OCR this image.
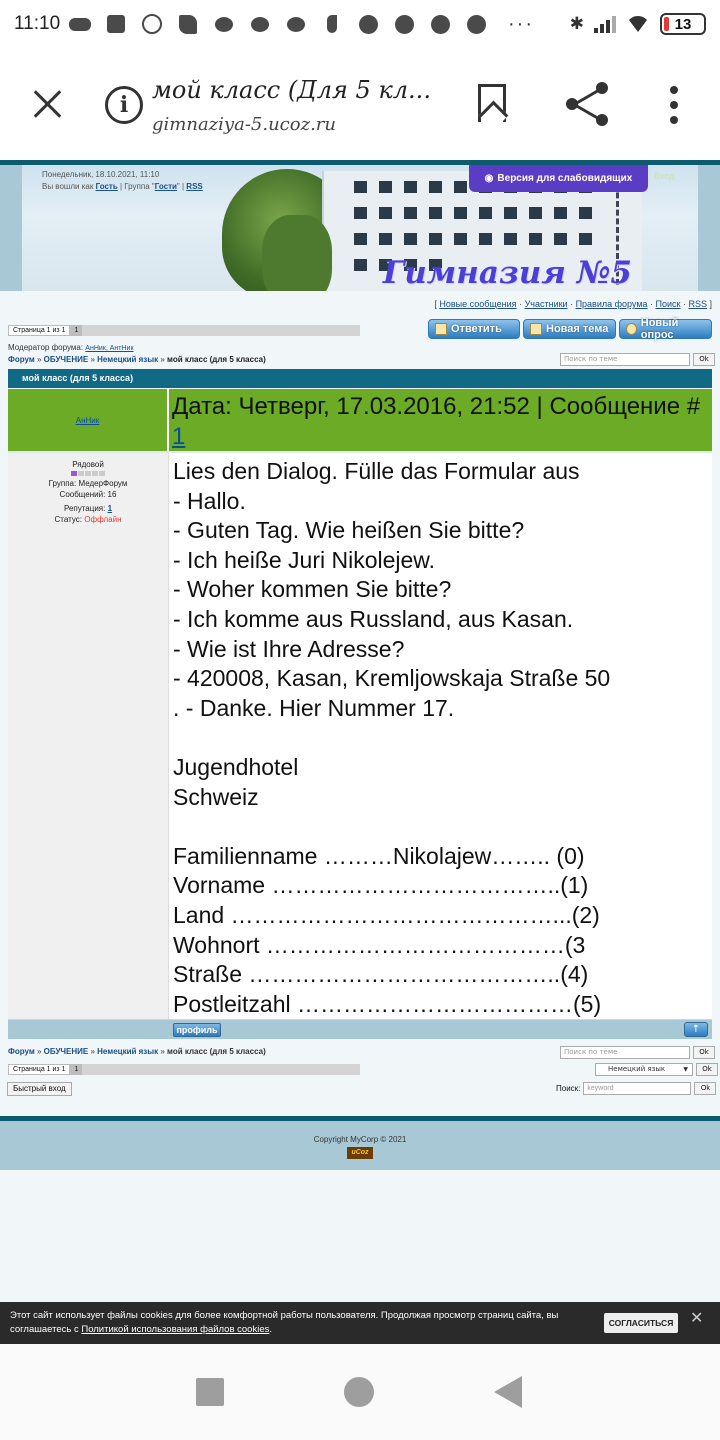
11:10	··· ✱	13
i
мой класс (Для 5 кл...
gimnaziya-5.ucoz.ru
Понедельник, 18.10.2021, 11:10
Вы вошли как Гость | Группа "Гости" | RSS
Гимназия №5
◉ Версия для слабовидящих Вход
[ Новые сообщения · Участники · Правила форума · Поиск · RSS ]
Страница 1 из 1	1	Ответить	Новая тема	Новый опрос
Модератор форума: АнНик, АнтНик
Форум » ОБУЧЕНИЕ » Немецкий язык » мой класс (для 5 класса)	Поиск по теме	Ok
мой класс (для 5 класса)
АнНик	Дата: Четверг, 17.03.2016, 21:52 | Сообщение # 1
Рядовой
Группа: МедерФорум
Сообщений: 16
Репутация: 1
Статус: Оффлайн
Lies den Dialog. Fülle das Formular aus
- Hallo.
- Guten Tag. Wie heißen Sie bitte?
- Ich heiße Juri Nikolejew.
- Woher kommen Sie bitte?
- Ich komme aus Russland, aus Kasan.
- Wie ist Ihre Adresse?
- 420008, Kasan, Kremljowskaja Straße 50
. - Danke. Hier Nummer 17.

Jugendhotel
Schweiz

Familienname ………Nikolajew…….. (0)
Vorname ………………………………..(1)
Land ……………………………………...(2)
Wohnort …………………………………(3
Straße …………………………………..(4)
Postleitzahl ………………………………(5)
профиль	↑
Форум » ОБУЧЕНИЕ » Немецкий язык » мой класс (для 5 класса)	Поиск по теме	Ok
Страница 1 из 1	1	Немецкий язык ▼	Ok
Быстрый вход	Поиск:	keyword	Ok
Copyright MyCorp © 2021
uCoz
Этот сайт использует файлы cookies для более комфортной работы пользователя. Продолжая просмотр страниц сайта, вы соглашаетесь с Политикой использования файлов cookies.
СОГЛАСИТЬСЯ ✕
